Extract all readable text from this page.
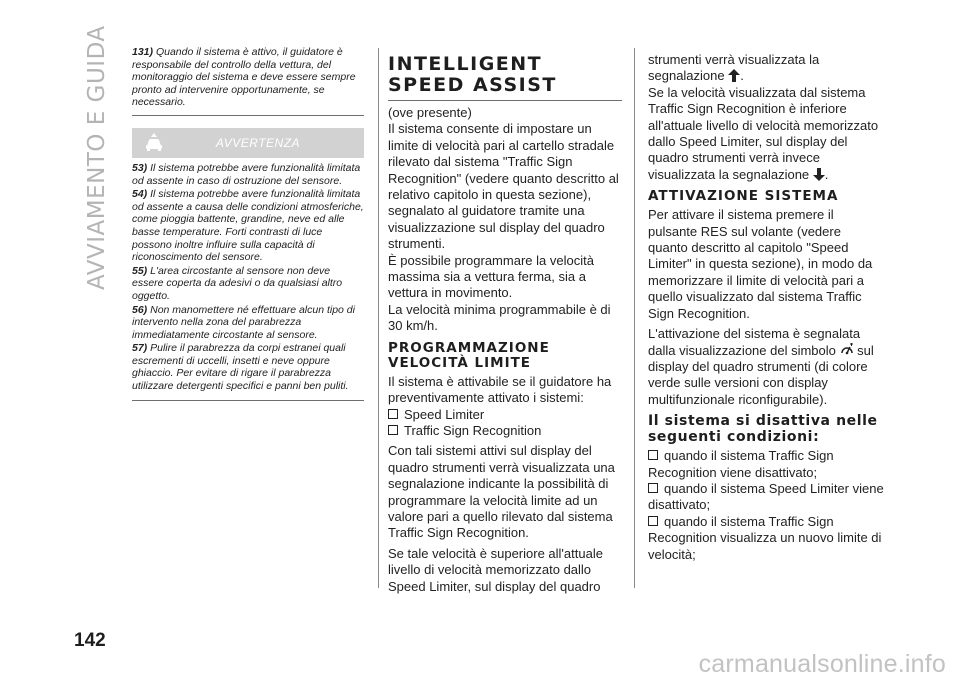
AVVIAMENTO E GUIDA	131) Quando il sistema è attivo, il guidatore è responsabile del controllo della vettura, del monitoraggio del sistema e deve essere sempre pronto ad intervenire opportunamente, se necessario.
AVVERTENZA

53) Il sistema potrebbe avere funzionalità limitata od assente in caso di ostruzione del sensore.

54) Il sistema potrebbe avere funzionalità limitata od assente a causa delle condizioni atmosferiche, come pioggia battente, grandine, neve ed alle basse temperature. Forti contrasti di luce possono inoltre influire sulla capacità di riconoscimento del sensore.

55) L'area circostante al sensore non deve essere coperta da adesivi o da qualsiasi altro oggetto.

56) Non manomettere né effettuare alcun tipo di intervento nella zona del parabrezza immediatamente circostante al sensore.

57) Pulire il parabrezza da corpi estranei quali escrementi di uccelli, insetti e neve oppure ghiaccio. Per evitare di rigare il parabrezza utilizzare detergenti specifici e panni ben puliti.

INTELLIGENT SPEED ASSIST

(ove presente)

Il sistema consente di impostare un limite di velocità pari al cartello stradale rilevato dal sistema "Traffic Sign Recognition" (vedere quanto descritto al relativo capitolo in questa sezione), segnalato al guidatore tramite una visualizzazione sul display del quadro strumenti.

È possibile programmare la velocità massima sia a vettura ferma, sia a vettura in movimento.

La velocità minima programmabile è di 30 km/h.

PROGRAMMAZIONE VELOCITÀ LIMITE

Il sistema è attivabile se il guidatore ha preventivamente attivato i sistemi:

Speed Limiter

Traffic Sign Recognition

Con tali sistemi attivi sul display del quadro strumenti verrà visualizzata una segnalazione indicante la possibilità di programmare la velocità limite ad un valore pari a quello rilevato dal sistema Traffic Sign Recognition.

Se tale velocità è superiore all'attuale livello di velocità memorizzato dallo Speed Limiter, sul display del quadro

strumenti verrà visualizzata la segnalazione .

Se la velocità visualizzata dal sistema Traffic Sign Recognition è inferiore all'attuale livello di velocità memorizzato dallo Speed Limiter, sul display del quadro strumenti verrà invece visualizzata la segnalazione .

ATTIVAZIONE SISTEMA

Per attivare il sistema premere il pulsante RES sul volante (vedere quanto descritto al capitolo "Speed Limiter" in questa sezione), in modo da memorizzare il limite di velocità pari a quello visualizzato dal sistema Traffic Sign Recognition.

L'attivazione del sistema è segnalata dalla visualizzazione del simbolo sul display del quadro strumenti (di colore verde sulle versioni con display multifunzionale riconfigurabile).

Il sistema si disattiva nelle seguenti condizioni:

quando il sistema Traffic Sign Recognition viene disattivato;

quando il sistema Speed Limiter viene disattivato;

quando il sistema Traffic Sign Recognition visualizza un nuovo limite di velocità;

142
carmanualsonline.info
